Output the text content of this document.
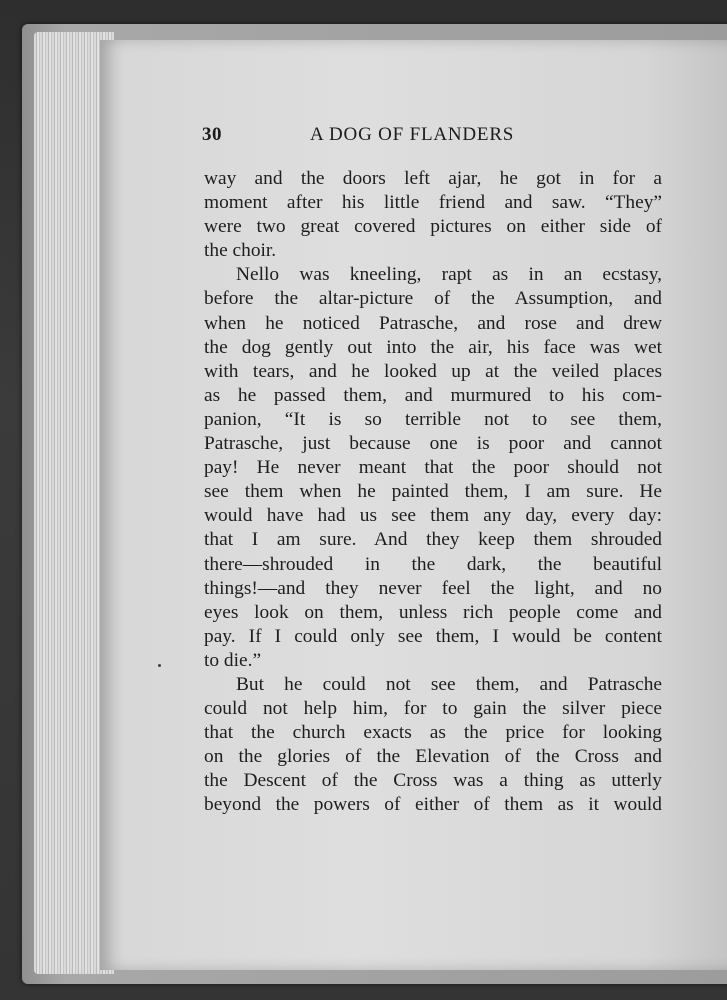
30	A DOG OF FLANDERS

way and the doors left ajar, he got in for a
moment after his little friend and saw. “They”
were two great covered pictures on either side of
the choir.

Nello was kneeling, rapt as in an ecstasy,
before the altar-picture of the Assumption, and
when he noticed Patrasche, and rose and drew
the dog gently out into the air, his face was wet
with tears, and he looked up at the veiled places
as he passed them, and murmured to his com-
panion, “It is so terrible not to see them,
Patrasche, just because one is poor and cannot
pay! He never meant that the poor should not
see them when he painted them, I am sure. He
would have had us see them any day, every day:
that I am sure. And they keep them shrouded
there—shrouded in the dark, the beautiful
things!—and they never feel the light, and no
eyes look on them, unless rich people come and
pay. If I could only see them, I would be content
to die.”

But he could not see them, and Patrasche
could not help him, for to gain the silver piece
that the church exacts as the price for looking
on the glories of the Elevation of the Cross and
the Descent of the Cross was a thing as utterly
beyond the powers of either of them as it would
